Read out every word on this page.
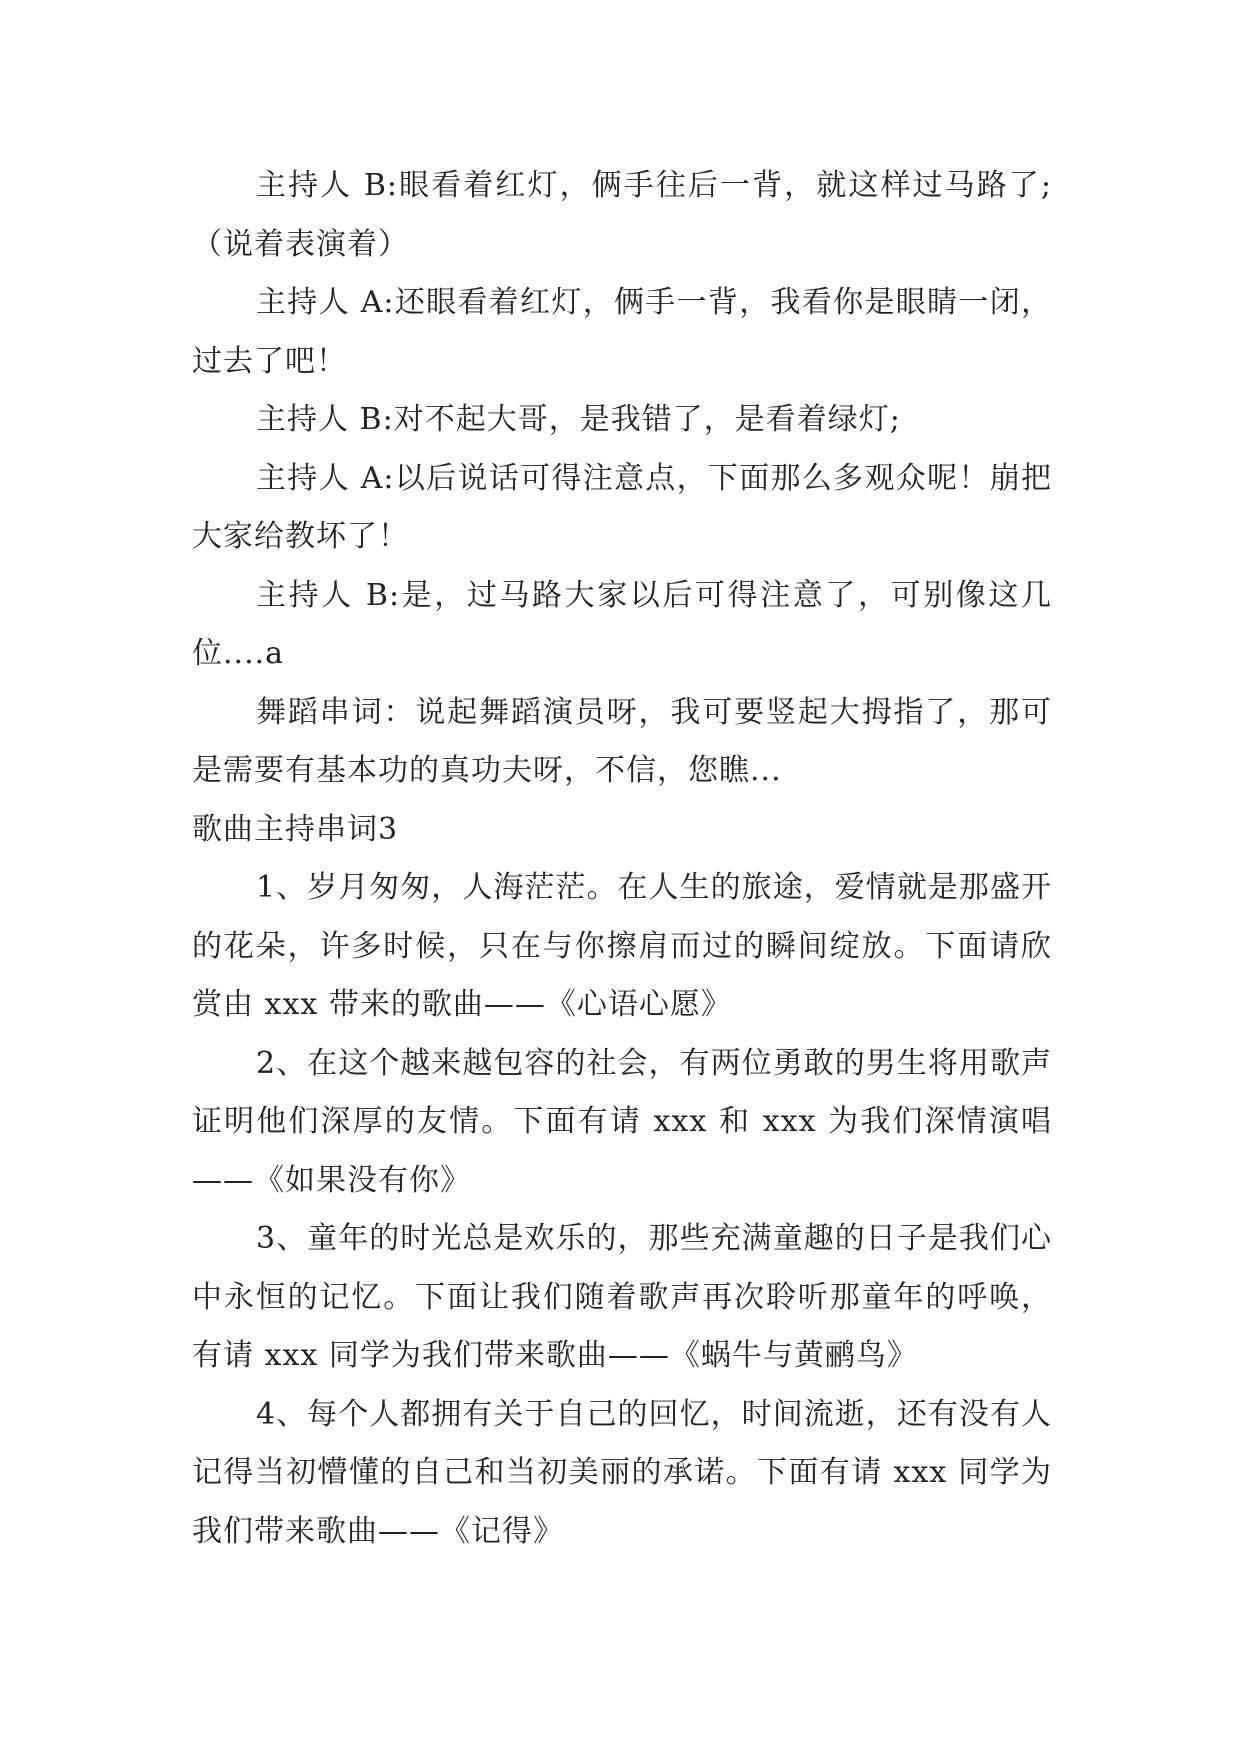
主持人 B:眼看着红灯，俩手往后一背，就这样过马路了;（说着表演着）

主持人 A:还眼看着红灯，俩手一背，我看你是眼睛一闭，过去了吧！

主持人 B:对不起大哥，是我错了，是看着绿灯;

主持人 A:以后说话可得注意点，下面那么多观众呢！崩把大家给教坏了！

主持人 B:是，过马路大家以后可得注意了，可别像这几位....a

舞蹈串词：说起舞蹈演员呀，我可要竖起大拇指了，那可是需要有基本功的真功夫呀，不信，您瞧...

歌曲主持串词3

1、岁月匆匆，人海茫茫。在人生的旅途，爱情就是那盛开的花朵，许多时候，只在与你擦肩而过的瞬间绽放。下面请欣赏由 xxx 带来的歌曲——《心语心愿》

2、在这个越来越包容的社会，有两位勇敢的男生将用歌声证明他们深厚的友情。下面有请 xxx 和 xxx 为我们深情演唱——《如果没有你》

3、童年的时光总是欢乐的，那些充满童趣的日子是我们心中永恒的记忆。下面让我们随着歌声再次聆听那童年的呼唤，有请 xxx 同学为我们带来歌曲——《蜗牛与黄鹂鸟》

4、每个人都拥有关于自己的回忆，时间流逝，还有没有人记得当初懵懂的自己和当初美丽的承诺。下面有请 xxx 同学为我们带来歌曲——《记得》
